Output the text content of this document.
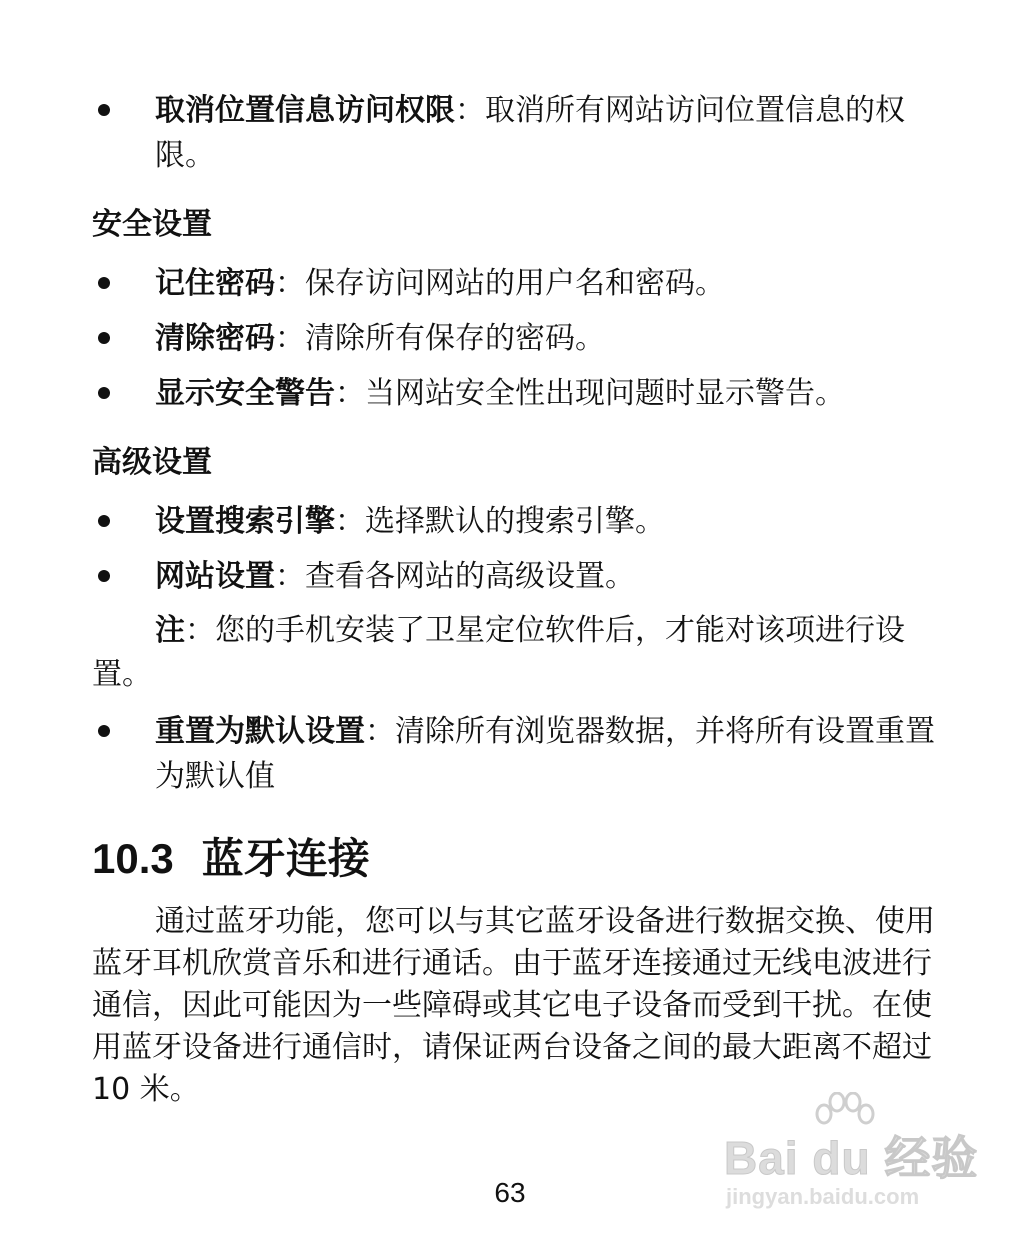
取消位置信息访问权限：取消所有网站访问位置信息的权限。
安全设置
记住密码：保存访问网站的用户名和密码。
清除密码：清除所有保存的密码。
显示安全警告：当网站安全性出现问题时显示警告。
高级设置
设置搜索引擎：选择默认的搜索引擎。
网站设置：查看各网站的高级设置。
注：您的手机安装了卫星定位软件后，才能对该项进行设置。
重置为默认设置：清除所有浏览器数据，并将所有设置重置为默认值
10.3 蓝牙连接
通过蓝牙功能，您可以与其它蓝牙设备进行数据交换、使用蓝牙耳机欣赏音乐和进行通话。由于蓝牙连接通过无线电波进行通信，因此可能因为一些障碍或其它电子设备而受到干扰。在使用蓝牙设备进行通信时，请保证两台设备之间的最大距离不超过 10 米。
63
Bai du 经验
jingyan.baidu.com
